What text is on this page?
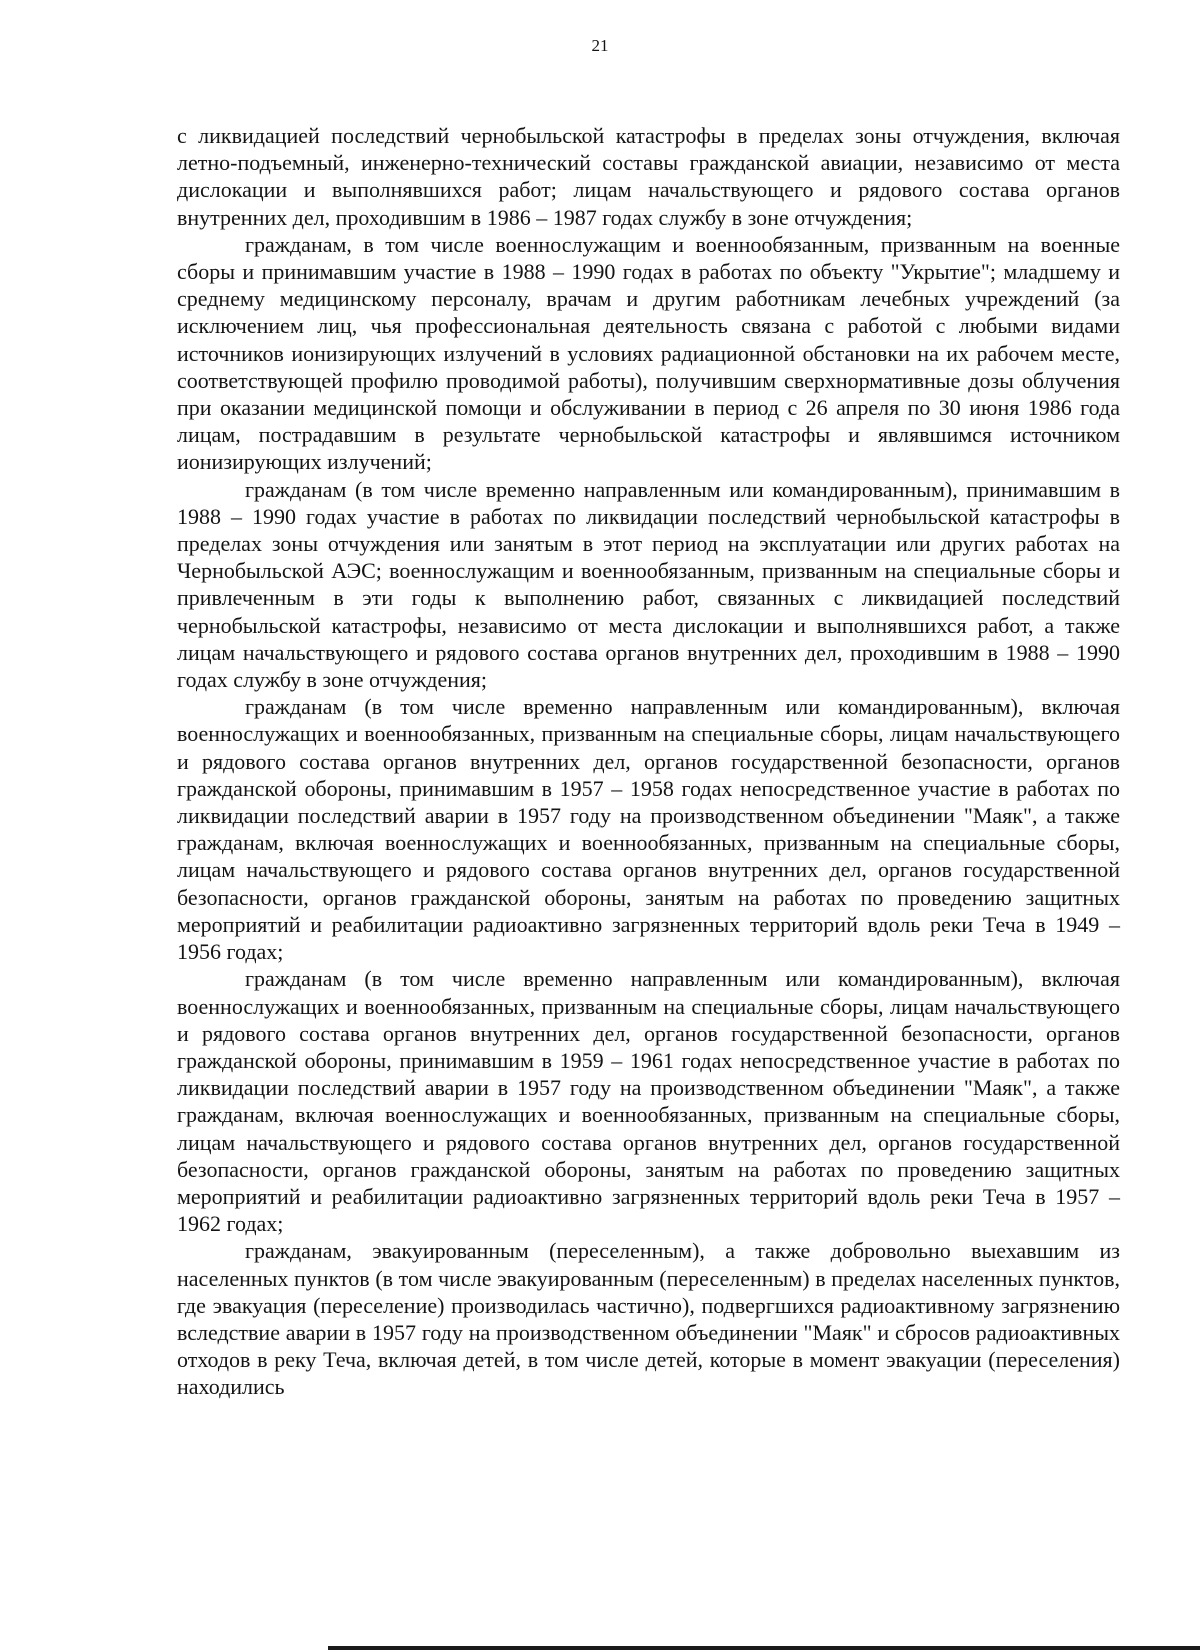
21

с ликвидацией последствий чернобыльской катастрофы в пределах зоны отчуждения, включая летно-подъемный, инженерно-технический составы гражданской авиации, независимо от места дислокации и выполнявшихся работ; лицам начальствующего и рядового состава органов внутренних дел, проходившим в 1986 – 1987 годах службу в зоне отчуждения;

гражданам, в том числе военнослужащим и военнообязанным, призванным на военные сборы и принимавшим участие в 1988 – 1990 годах в работах по объекту "Укрытие"; младшему и среднему медицинскому персоналу, врачам и другим работникам лечебных учреждений (за исключением лиц, чья профессиональная деятельность связана с работой с любыми видами источников ионизирующих излучений в условиях радиационной обстановки на их рабочем месте, соответствующей профилю проводимой работы), получившим сверхнормативные дозы облучения при оказании медицинской помощи и обслуживании в период с 26 апреля по 30 июня 1986 года лицам, пострадавшим в результате чернобыльской катастрофы и являвшимся источником ионизирующих излучений;

гражданам (в том числе временно направленным или командированным), принимавшим в 1988 – 1990 годах участие в работах по ликвидации последствий чернобыльской катастрофы в пределах зоны отчуждения или занятым в этот период на эксплуатации или других работах на Чернобыльской АЭС; военнослужащим и военнообязанным, призванным на специальные сборы и привлеченным в эти годы к выполнению работ, связанных с ликвидацией последствий чернобыльской катастрофы, независимо от места дислокации и выполнявшихся работ, а также лицам начальствующего и рядового состава органов внутренних дел, проходившим в 1988 – 1990 годах службу в зоне отчуждения;

гражданам (в том числе временно направленным или командированным), включая военнослужащих и военнообязанных, призванным на специальные сборы, лицам начальствующего и рядового состава органов внутренних дел, органов государственной безопасности, органов гражданской обороны, принимавшим в 1957 – 1958 годах непосредственное участие в работах по ликвидации последствий аварии в 1957 году на производственном объединении "Маяк", а также гражданам, включая военнослужащих и военнообязанных, призванным на специальные сборы, лицам начальствующего и рядового состава органов внутренних дел, органов государственной безопасности, органов гражданской обороны, занятым на работах по проведению защитных мероприятий и реабилитации радиоактивно загрязненных территорий вдоль реки Теча в 1949 – 1956 годах;

гражданам (в том числе временно направленным или командированным), включая военнослужащих и военнообязанных, призванным на специальные сборы, лицам начальствующего и рядового состава органов внутренних дел, органов государственной безопасности, органов гражданской обороны, принимавшим в 1959 – 1961 годах непосредственное участие в работах по ликвидации последствий аварии в 1957 году на производственном объединении "Маяк", а также гражданам, включая военнослужащих и военнообязанных, призванным на специальные сборы, лицам начальствующего и рядового состава органов внутренних дел, органов государственной безопасности, органов гражданской обороны, занятым на работах по проведению защитных мероприятий и реабилитации радиоактивно загрязненных территорий вдоль реки Теча в 1957 – 1962 годах;

гражданам, эвакуированным (переселенным), а также добровольно выехавшим из населенных пунктов (в том числе эвакуированным (переселенным) в пределах населенных пунктов, где эвакуация (переселение) производилась частично), подвергшихся радиоактивному загрязнению вследствие аварии в 1957 году на производственном объединении "Маяк" и сбросов радиоактивных отходов в реку Теча, включая детей, в том числе детей, которые в момент эвакуации (переселения) находились
